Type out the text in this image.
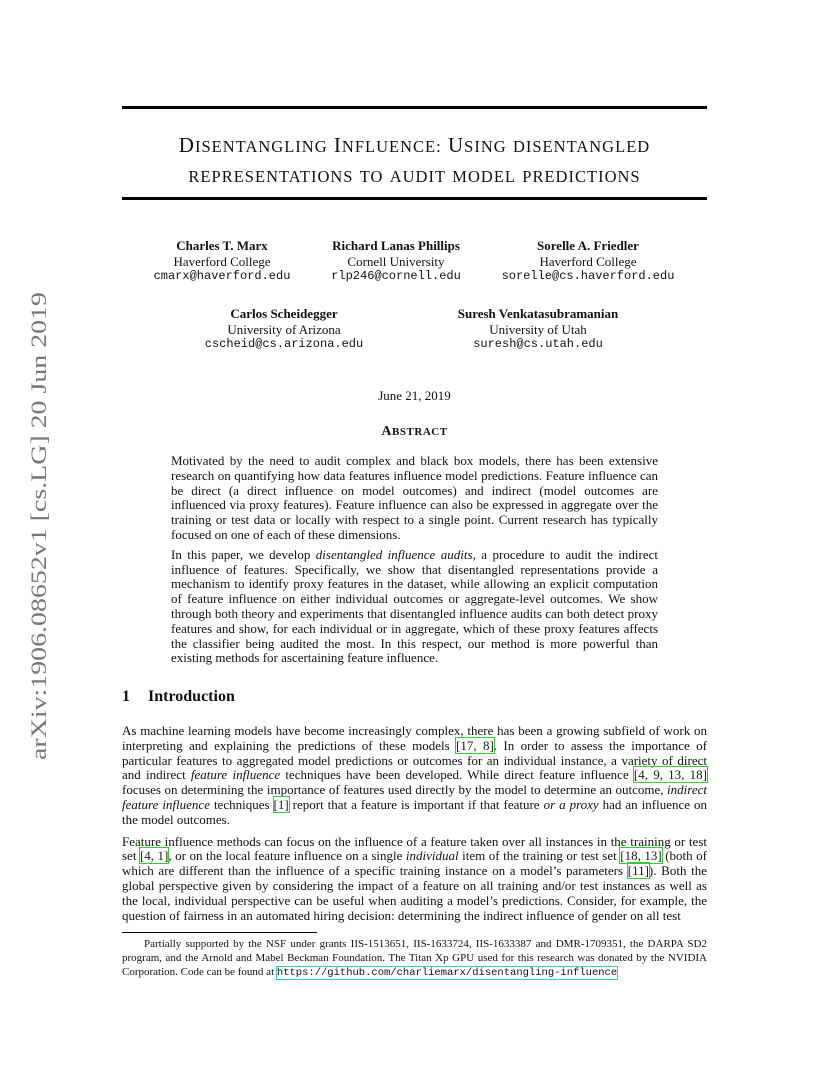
arXiv:1906.08652v1 [cs.LG] 20 Jun 2019
DISENTANGLING INFLUENCE: USING DISENTANGLED
REPRESENTATIONS TO AUDIT MODEL PREDICTIONS
Charles T. Marx
Haverford College
cmarx@haverford.edu
Richard Lanas Phillips
Cornell University
rlp246@cornell.edu
Sorelle A. Friedler
Haverford College
sorelle@cs.haverford.edu
Carlos Scheidegger
University of Arizona
cscheid@cs.arizona.edu
Suresh Venkatasubramanian
University of Utah
suresh@cs.utah.edu
June 21, 2019
ABSTRACT

Motivated by the need to audit complex and black box models, there has been extensive research on quantifying how data features influence model predictions. Feature influence can be direct (a direct influence on model outcomes) and indirect (model outcomes are influenced via proxy features). Feature influence can also be expressed in aggregate over the training or test data or locally with respect to a single point. Current research has typically focused on one of each of these dimensions.

In this paper, we develop disentangled influence audits, a procedure to audit the indirect influence of features. Specifically, we show that disentangled representations provide a mechanism to identify proxy features in the dataset, while allowing an explicit computation of feature influence on either individual outcomes or aggregate-level outcomes. We show through both theory and experiments that disentangled influence audits can both detect proxy features and show, for each individual or in aggregate, which of these proxy features affects the classifier being audited the most. In this respect, our method is more powerful than existing methods for ascertaining feature influence.

1 Introduction

As machine learning models have become increasingly complex, there has been a growing subfield of work on interpreting and explaining the predictions of these models [17, 8]. In order to assess the importance of particular features to aggregated model predictions or outcomes for an individual instance, a variety of direct and indirect feature influence techniques have been developed. While direct feature influence [4, 9, 13, 18] focuses on determining the importance of features used directly by the model to determine an outcome, indirect feature influence techniques [1] report that a feature is important if that feature or a proxy had an influence on the model outcomes.

Feature influence methods can focus on the influence of a feature taken over all instances in the training or test set [4, 1], or on the local feature influence on a single individual item of the training or test set [18, 13] (both of which are different than the influence of a specific training instance on a model’s parameters [11]). Both the global perspective given by considering the impact of a feature on all training and/or test instances as well as the local, individual perspective can be useful when auditing a model’s predictions. Consider, for example, the question of fairness in an automated hiring decision: determining the indirect influence of gender on all test

Partially supported by the NSF under grants IIS-1513651, IIS-1633724, IIS-1633387 and DMR-1709351, the DARPA SD2 program, and the Arnold and Mabel Beckman Foundation. The Titan Xp GPU used for this research was donated by the NVIDIA Corporation. Code can be found at https://github.com/charliemarx/disentangling-influence
